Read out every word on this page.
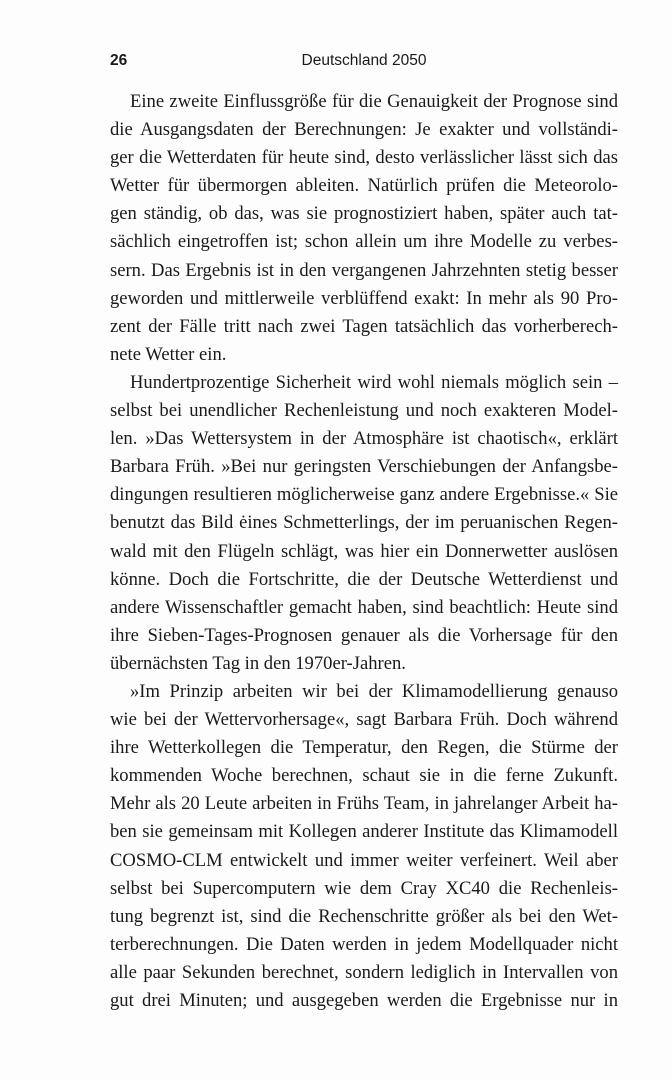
26	Deutschland 2050
Eine zweite Einflussgröße für die Genauigkeit der Prognose sind
die Ausgangsdaten der Berechnungen: Je exakter und vollständi-
ger die Wetterdaten für heute sind, desto verlässlicher lässt sich das
Wetter für übermorgen ableiten. Natürlich prüfen die Meteorolo-
gen ständig, ob das, was sie prognostiziert haben, später auch tat-
sächlich eingetroffen ist; schon allein um ihre Modelle zu verbes-
sern. Das Ergebnis ist in den vergangenen Jahrzehnten stetig besser
geworden und mittlerweile verblüffend exakt: In mehr als 90 Pro-
zent der Fälle tritt nach zwei Tagen tatsächlich das vorherberech-
nete Wetter ein.
Hundertprozentige Sicherheit wird wohl niemals möglich sein –
selbst bei unendlicher Rechenleistung und noch exakteren Model-
len. »Das Wettersystem in der Atmosphäre ist chaotisch«, erklärt
Barbara Früh. »Bei nur geringsten Verschiebungen der Anfangsbe-
dingungen resultieren möglicherweise ganz andere Ergebnisse.« Sie
benutzt das Bild ėines Schmetterlings, der im peruanischen Regen-
wald mit den Flügeln schlägt, was hier ein Donnerwetter auslösen
könne. Doch die Fortschritte, die der Deutsche Wetterdienst und
andere Wissenschaftler gemacht haben, sind beachtlich: Heute sind
ihre Sieben-Tages-Prognosen genauer als die Vorhersage für den
übernächsten Tag in den 1970er-Jahren.
»Im Prinzip arbeiten wir bei der Klimamodellierung genauso
wie bei der Wettervorhersage«, sagt Barbara Früh. Doch während
ihre Wetterkollegen die Temperatur, den Regen, die Stürme der
kommenden Woche berechnen, schaut sie in die ferne Zukunft.
Mehr als 20 Leute arbeiten in Frühs Team, in jahrelanger Arbeit ha-
ben sie gemeinsam mit Kollegen anderer Institute das Klimamodell
COSMO-CLM entwickelt und immer weiter verfeinert. Weil aber
selbst bei Supercomputern wie dem Cray XC40 die Rechenleis-
tung begrenzt ist, sind die Rechenschritte größer als bei den Wet-
terberechnungen. Die Daten werden in jedem Modellquader nicht
alle paar Sekunden berechnet, sondern lediglich in Intervallen von
gut drei Minuten; und ausgegeben werden die Ergebnisse nur in
